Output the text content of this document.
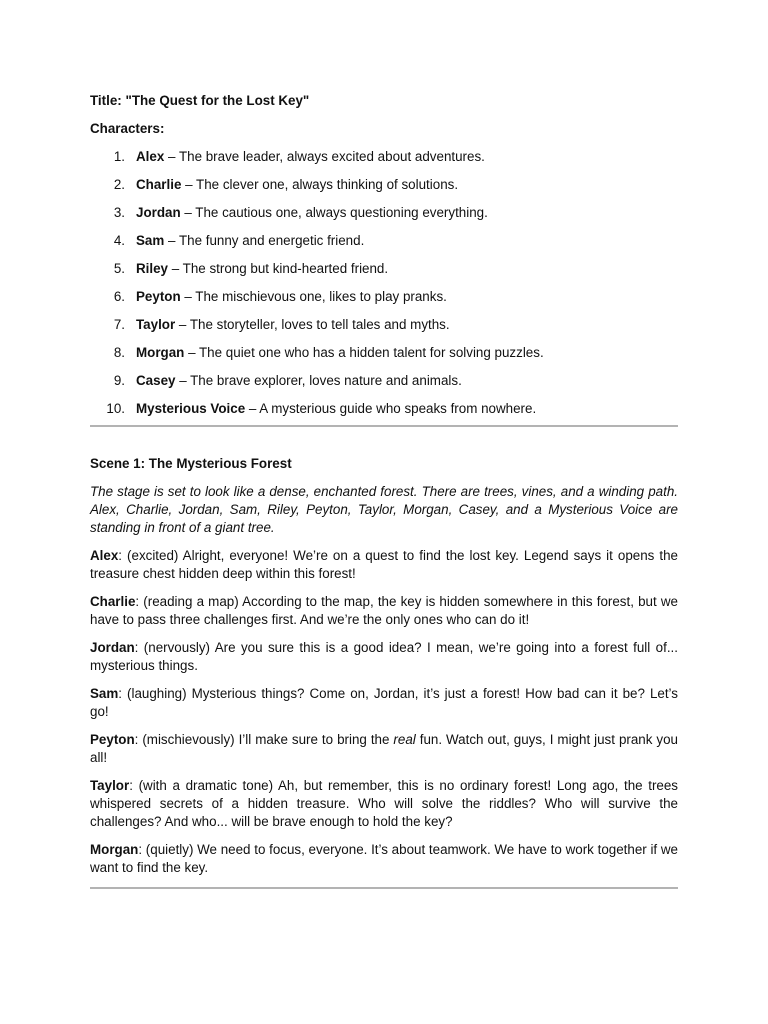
Title: "The Quest for the Lost Key"

Characters:

1. Alex – The brave leader, always excited about adventures.
2. Charlie – The clever one, always thinking of solutions.
3. Jordan – The cautious one, always questioning everything.
4. Sam – The funny and energetic friend.
5. Riley – The strong but kind-hearted friend.
6. Peyton – The mischievous one, likes to play pranks.
7. Taylor – The storyteller, loves to tell tales and myths.
8. Morgan – The quiet one who has a hidden talent for solving puzzles.
9. Casey – The brave explorer, loves nature and animals.
10. Mysterious Voice – A mysterious guide who speaks from nowhere.

Scene 1: The Mysterious Forest

The stage is set to look like a dense, enchanted forest. There are trees, vines, and a winding path. Alex, Charlie, Jordan, Sam, Riley, Peyton, Taylor, Morgan, Casey, and a Mysterious Voice are standing in front of a giant tree.

Alex: (excited) Alright, everyone! We’re on a quest to find the lost key. Legend says it opens the treasure chest hidden deep within this forest!

Charlie: (reading a map) According to the map, the key is hidden somewhere in this forest, but we have to pass three challenges first. And we’re the only ones who can do it!

Jordan: (nervously) Are you sure this is a good idea? I mean, we’re going into a forest full of... mysterious things.

Sam: (laughing) Mysterious things? Come on, Jordan, it’s just a forest! How bad can it be? Let’s go!

Peyton: (mischievously) I’ll make sure to bring the real fun. Watch out, guys, I might just prank you all!

Taylor: (with a dramatic tone) Ah, but remember, this is no ordinary forest! Long ago, the trees whispered secrets of a hidden treasure. Who will solve the riddles? Who will survive the challenges? And who... will be brave enough to hold the key?

Morgan: (quietly) We need to focus, everyone. It’s about teamwork. We have to work together if we want to find the key.
